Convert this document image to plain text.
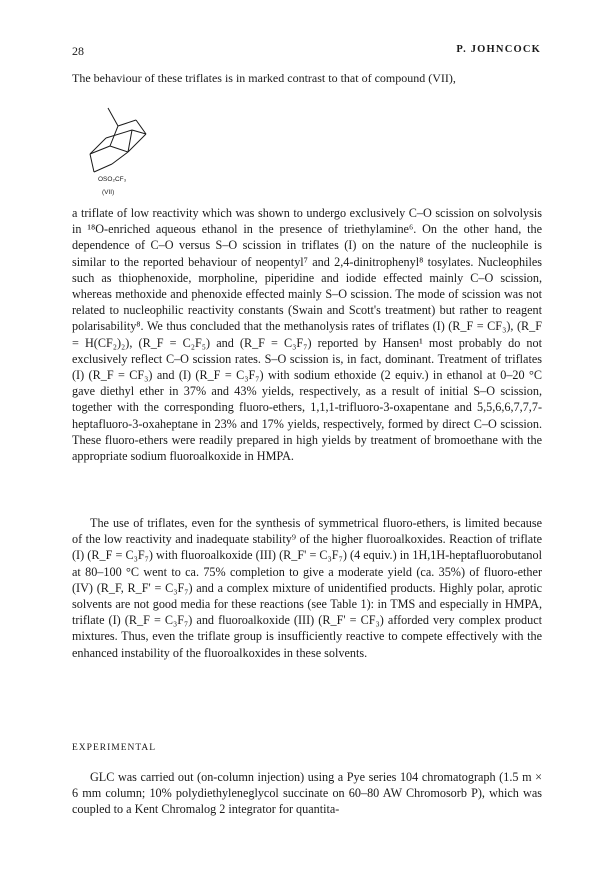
28	P. JOHNCOCK
The behaviour of these triflates is in marked contrast to that of compound (VII),
OSO₂CF₃
(VII)
a triflate of low reactivity which was shown to undergo exclusively C–O scission on solvolysis in ¹⁸O-enriched aqueous ethanol in the presence of triethylamine⁶. On the other hand, the dependence of C–O versus S–O scission in triflates (I) on the nature of the nucleophile is similar to the reported behaviour of neopentyl⁷ and 2,4-dinitrophenyl⁸ tosylates. Nucleophiles such as thiophenoxide, morpholine, piperidine and iodide effected mainly C–O scission, whereas methoxide and phenoxide effected mainly S–O scission. The mode of scission was not related to nucleophilic reactivity constants (Swain and Scott's treatment) but rather to reagent polarisability⁸. We thus concluded that the methanolysis rates of triflates (I) (R_F = CF₃), (R_F = H(CF₂)₂), (R_F = C₂F₅) and (R_F = C₃F₇) reported by Hansen¹ most probably do not exclusively reflect C–O scission rates. S–O scission is, in fact, dominant. Treatment of triflates (I) (R_F = CF₃) and (I) (R_F = C₃F₇) with sodium ethoxide (2 equiv.) in ethanol at 0–20 °C gave diethyl ether in 37% and 43% yields, respectively, as a result of initial S–O scission, together with the corresponding fluoro-ethers, 1,1,1-trifluoro-3-oxapentane and 5,5,6,6,7,7,7-heptafluoro-3-oxaheptane in 23% and 17% yields, respectively, formed by direct C–O scission. These fluoro-ethers were readily prepared in high yields by treatment of bromoethane with the appropriate sodium fluoroalkoxide in HMPA.
The use of triflates, even for the synthesis of symmetrical fluoro-ethers, is limited because of the low reactivity and inadequate stability⁹ of the higher fluoroalkoxides. Reaction of triflate (I) (R_F = C₃F₇) with fluoroalkoxide (III) (R_F' = C₃F₇) (4 equiv.) in 1H,1H-heptafluorobutanol at 80–100 °C went to ca. 75% completion to give a moderate yield (ca. 35%) of fluoro-ether (IV) (R_F, R_F' = C₃F₇) and a complex mixture of unidentified products. Highly polar, aprotic solvents are not good media for these reactions (see Table 1): in TMS and especially in HMPA, triflate (I) (R_F = C₃F₇) and fluoroalkoxide (III) (R_F' = CF₃) afforded very complex product mixtures. Thus, even the triflate group is insufficiently reactive to compete effectively with the enhanced instability of the fluoroalkoxides in these solvents.
EXPERIMENTAL
GLC was carried out (on-column injection) using a Pye series 104 chromatograph (1.5 m × 6 mm column; 10% polydiethyleneglycol succinate on 60–80 AW Chromosorb P), which was coupled to a Kent Chromalog 2 integrator for quantita-
